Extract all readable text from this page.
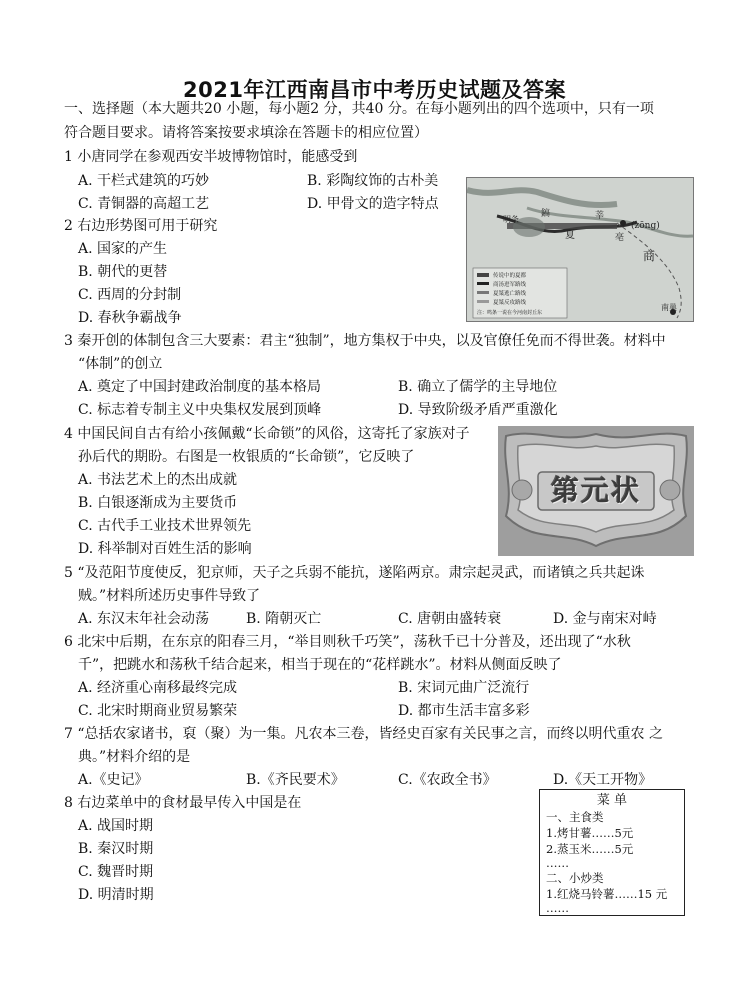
2021年江西南昌市中考历史试题及答案
一、选择题（本大题共20 小题，每小题2 分，共40 分。在每小题列出的四个选项中，只有一项
符合题目要求。请将答案按要求填涂在答题卡的相应位置）
1 小唐同学在参观西安半坡博物馆时，能感受到
A. 干栏式建筑的巧妙	B. 彩陶纹饰的古朴美
C. 青铜器的高超工艺	D. 甲骨文的造字特点
2 右边形势图可用于研究
A. 国家的产生
B. 朝代的更替
C. 西周的分封制
D. 春秋争霸战争
鎬
明条
商
亳
(zōng)
南巢
莘
夏
传说中的夏都
商汤进军路线
夏桀逃亡路线
夏桀反攻路线
注：鸣条一说在今河南封丘东
3 秦开创的体制包含三大要素：君主“独制”，地方集权于中央，以及官僚任免而不得世袭。材料中
“体制”的创立
A. 奠定了中国封建政治制度的基本格局	B. 确立了儒学的主导地位
C. 标志着专制主义中央集权发展到顶峰	D. 导致阶级矛盾严重激化
4 中国民间自古有给小孩佩戴“长命锁”的风俗，这寄托了家族对子
孙后代的期盼。右图是一枚银质的“长命锁”，它反映了
A. 书法艺术上的杰出成就
B. 白银逐渐成为主要货币
C. 古代手工业技术世界领先
D. 科举制对百姓生活的影响
第元状
5 “及范阳节度使反，犯京师，天子之兵弱不能抗，遂陷两京。肃宗起灵武，而诸镇之兵共起诛
贼。”材料所述历史事件导致了
A. 东汉末年社会动荡	B. 隋朝灭亡	C. 唐朝由盛转衰	D. 金与南宋对峙
6 北宋中后期，在东京的阳春三月，“举目则秋千巧笑”，荡秋千已十分普及，还出现了“水秋
千”，把跳水和荡秋千结合起来，相当于现在的“花样跳水”。材料从侧面反映了
A. 经济重心南移最终完成	B. 宋词元曲广泛流行
C. 北宋时期商业贸易繁荣	D. 都市生活丰富多彩
7 “总括农家诸书，裒（聚）为一集。凡农本三卷，皆经史百家有关民事之言，而终以明代重农 之
典。”材料介绍的是
A.《史记》	B.《齐民要术》	C.《农政全书》	D.《天工开物》
8 右边菜单中的食材最早传入中国是在
A. 战国时期
B. 秦汉时期
C. 魏晋时期
D. 明清时期
菜 单
一、主食类
1.烤甘薯……5元
2.蒸玉米……5元
……
二、小炒类
1.红烧马铃薯……15 元
……
